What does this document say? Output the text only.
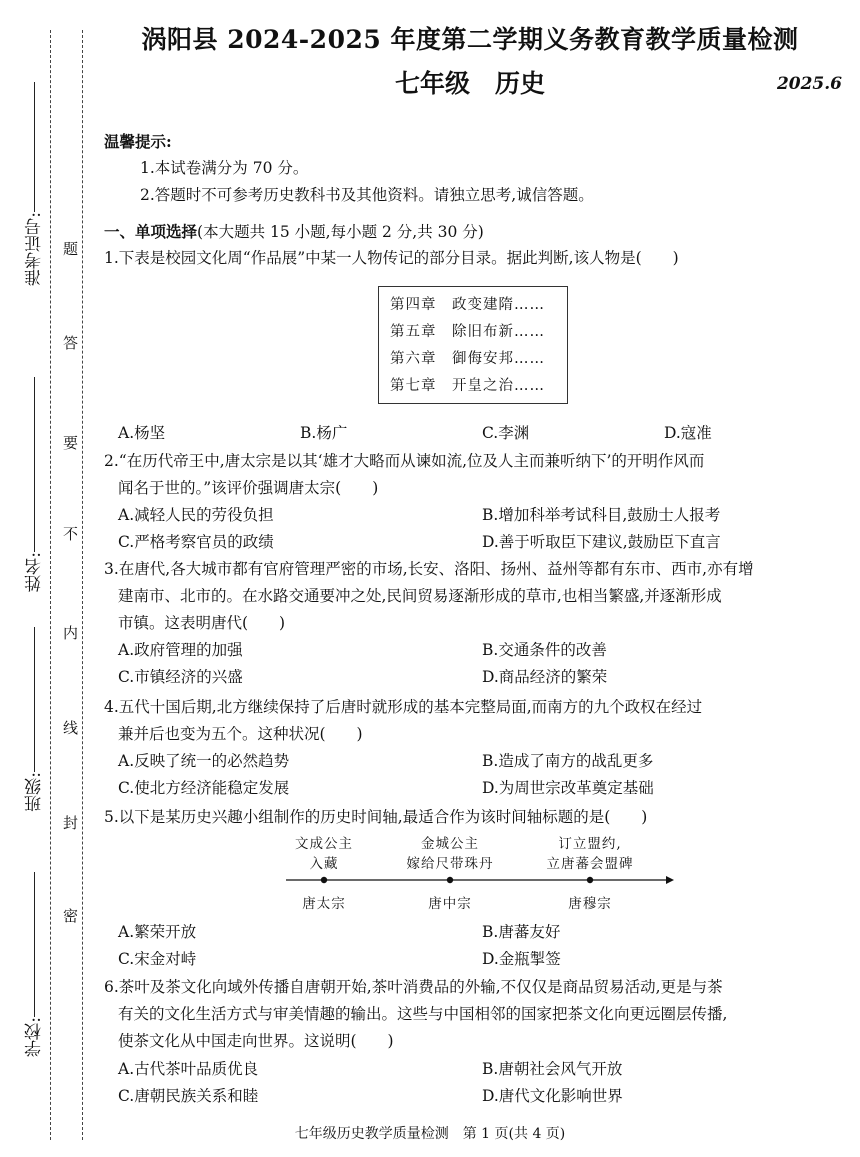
准考证号:
姓名:
班级:
学校:
题
答
要
不
内
线
封
密
涡阳县 2024-2025 年度第二学期义务教育教学质量检测
七年级　历史	2025.6
温馨提示:
1.本试卷满分为 70 分。
2.答题时不可参考历史教科书及其他资料。请独立思考,诚信答题。
一、单项选择(本大题共 15 小题,每小题 2 分,共 30 分)
1.下表是校园文化周“作品展”中某一人物传记的部分目录。据此判断,该人物是(　　)
第四章　政变建隋……
第五章　除旧布新……
第六章　御侮安邦……
第七章　开皇之治……
A.杨坚	B.杨广	C.李渊	D.寇准
2.“在历代帝王中,唐太宗是以其‘雄才大略而从谏如流,位及人主而兼听纳下’的开明作风而
闻名于世的。”该评价强调唐太宗(　　)
A.减轻人民的劳役负担	B.增加科举考试科目,鼓励士人报考
C.严格考察官员的政绩	D.善于听取臣下建议,鼓励臣下直言
3.在唐代,各大城市都有官府管理严密的市场,长安、洛阳、扬州、益州等都有东市、西市,亦有增
建南市、北市的。在水路交通要冲之处,民间贸易逐渐形成的草市,也相当繁盛,并逐渐形成
市镇。这表明唐代(　　)
A.政府管理的加强	B.交通条件的改善
C.市镇经济的兴盛	D.商品经济的繁荣
4.五代十国后期,北方继续保持了后唐时就形成的基本完整局面,而南方的九个政权在经过
兼并后也变为五个。这种状况(　　)
A.反映了统一的必然趋势	B.造成了南方的战乱更多
C.使北方经济能稳定发展	D.为周世宗改革奠定基础
5.以下是某历史兴趣小组制作的历史时间轴,最适合作为该时间轴标题的是(　　)
文成公主
入藏
金城公主
嫁给尺带珠丹
订立盟约,
立唐蕃会盟碑
唐太宗	唐中宗	唐穆宗
A.繁荣开放	B.唐蕃友好
C.宋金对峙	D.金瓶掣签
6.茶叶及茶文化向域外传播自唐朝开始,茶叶消费品的外输,不仅仅是商品贸易活动,更是与茶
有关的文化生活方式与审美情趣的输出。这些与中国相邻的国家把茶文化向更远圈层传播,
使茶文化从中国走向世界。这说明(　　)
A.古代茶叶品质优良	B.唐朝社会风气开放
C.唐朝民族关系和睦	D.唐代文化影响世界
七年级历史教学质量检测　第 1 页(共 4 页)
